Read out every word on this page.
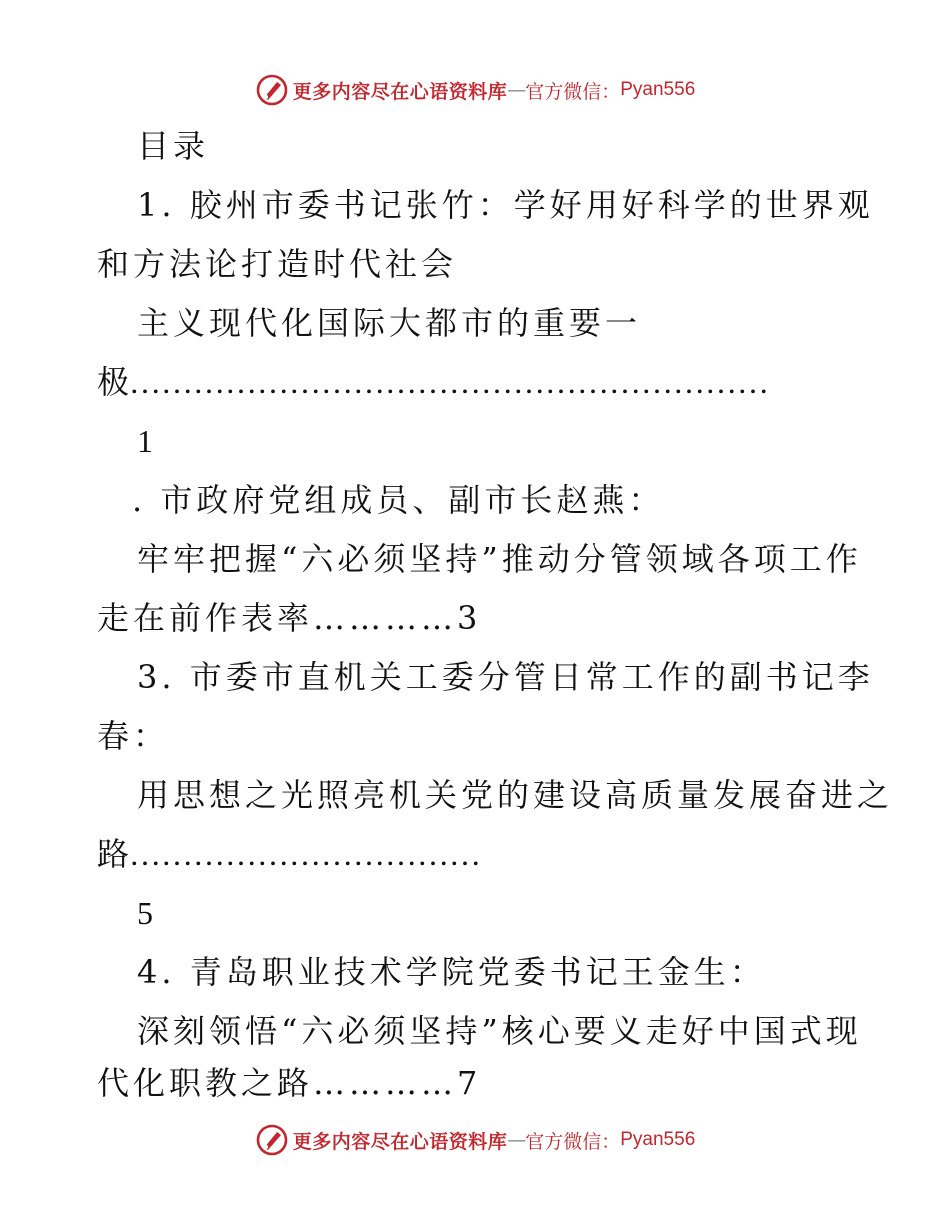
更多内容尽在心语资料库 — 官方微信： Pyan556
目录
1. 胶州市委书记张竹：学好用好科学的世界观
和方法论打造时代社会
主义现代化国际大都市的重要一
极……………………………………………………
1
. 市政府党组成员、副市长赵燕：
牢牢把握“六必须坚持”推动分管领域各项工作
走在前作表率…………3
3. 市委市直机关工委分管日常工作的副书记李
春：
用思想之光照亮机关党的建设高质量发展奋进之
路……………………………
5
4. 青岛职业技术学院党委书记王金生：
深刻领悟“六必须坚持”核心要义走好中国式现
代化职教之路…………7
更多内容尽在心语资料库 — 官方微信： Pyan556
